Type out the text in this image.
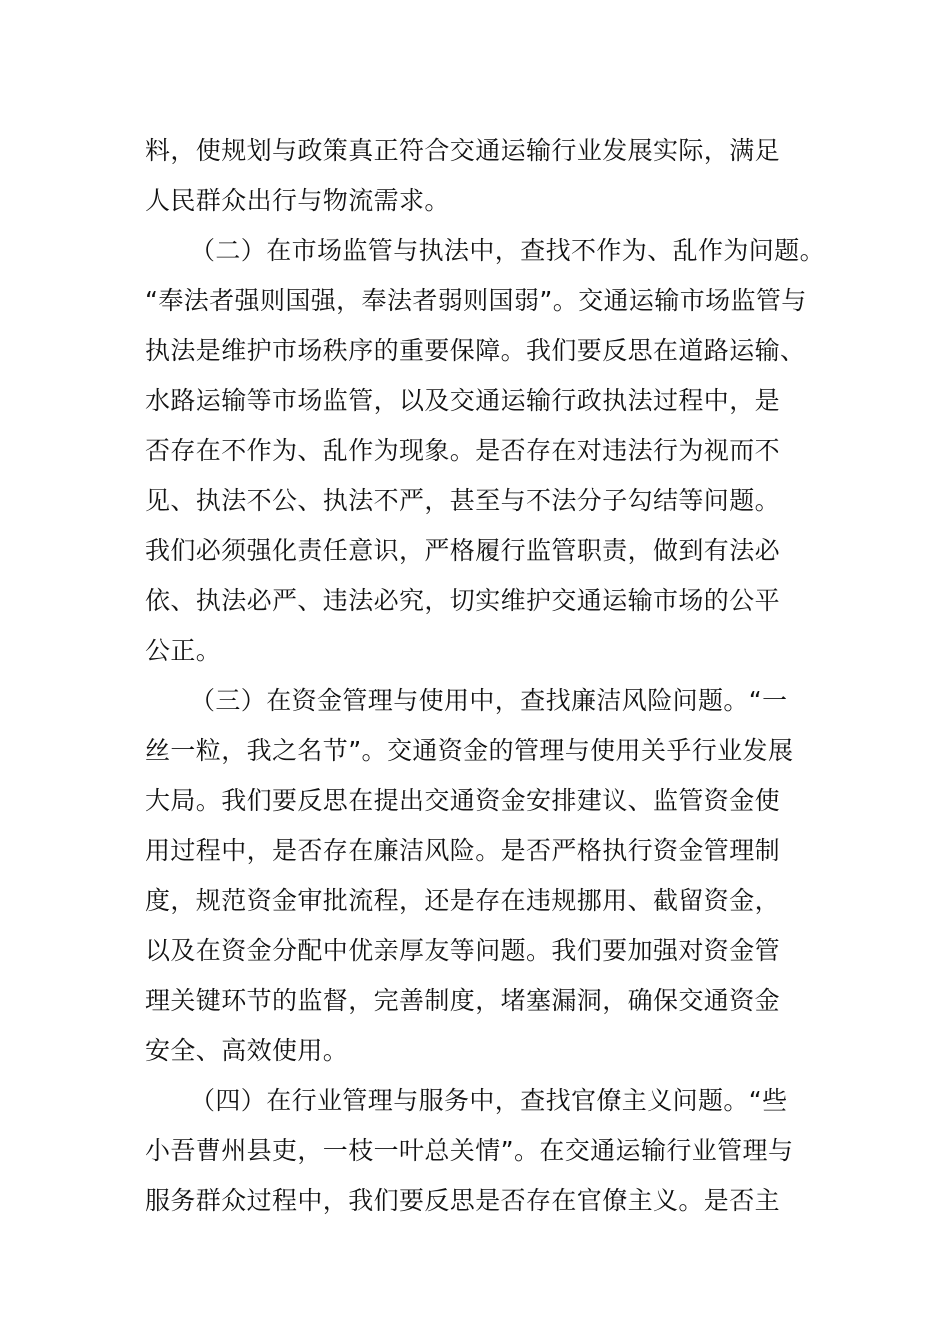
料，使规划与政策真正符合交通运输行业发展实际，满足
人民群众出行与物流需求。
（二）在市场监管与执法中，查找不作为、乱作为问题。
“奉法者强则国强，奉法者弱则国弱”。交通运输市场监管与
执法是维护市场秩序的重要保障。我们要反思在道路运输、
水路运输等市场监管，以及交通运输行政执法过程中，是
否存在不作为、乱作为现象。是否存在对违法行为视而不
见、执法不公、执法不严，甚至与不法分子勾结等问题。
我们必须强化责任意识，严格履行监管职责，做到有法必
依、执法必严、违法必究，切实维护交通运输市场的公平
公正。
（三）在资金管理与使用中，查找廉洁风险问题。“一
丝一粒，我之名节”。交通资金的管理与使用关乎行业发展
大局。我们要反思在提出交通资金安排建议、监管资金使
用过程中，是否存在廉洁风险。是否严格执行资金管理制
度，规范资金审批流程，还是存在违规挪用、截留资金，
以及在资金分配中优亲厚友等问题。我们要加强对资金管
理关键环节的监督，完善制度，堵塞漏洞，确保交通资金
安全、高效使用。
（四）在行业管理与服务中，查找官僚主义问题。“些
小吾曹州县吏，一枝一叶总关情”。在交通运输行业管理与
服务群众过程中，我们要反思是否存在官僚主义。是否主
